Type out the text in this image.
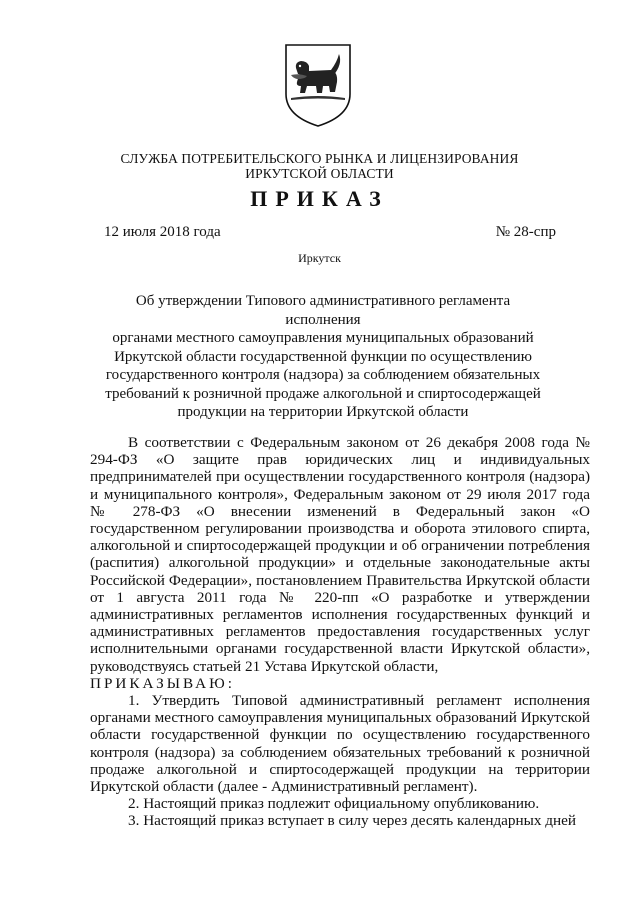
СЛУЖБА ПОТРЕБИТЕЛЬСКОГО РЫНКА И ЛИЦЕНЗИРОВАНИЯ
ИРКУТСКОЙ ОБЛАСТИ
ПРИКАЗ
12 июля 2018 года	№ 28-спр
Иркутск
Об утверждении Типового административного регламента исполнения
органами местного самоуправления муниципальных образований
Иркутской области государственной функции по осуществлению
государственного контроля (надзора) за соблюдением обязательных
требований к розничной продаже алкогольной и спиртосодержащей
продукции на территории Иркутской области

В соответствии с Федеральным законом от 26 декабря 2008 года № 294-ФЗ «О защите прав юридических лиц и индивидуальных предпринимателей при осуществлении государственного контроля (надзора) и муниципального контроля», Федеральным законом от 29 июля 2017 года № 278-ФЗ «О внесении изменений в Федеральный закон «О государственном регулировании производства и оборота этилового спирта, алкогольной и спиртосодержащей продукции и об ограничении потребления (распития) алкогольной продукции» и отдельные законодательные акты Российской Федерации», постановлением Правительства Иркутской области от 1 августа 2011 года № 220-пп «О разработке и утверждении административных регламентов исполнения государственных функций и административных регламентов предоставления государственных услуг исполнительными органами государственной власти Иркутской области», руководствуясь статьей 21 Устава Иркутской области,

ПРИКАЗЫВАЮ:

1. Утвердить Типовой административный регламент исполнения органами местного самоуправления муниципальных образований Иркутской области государственной функции по осуществлению государственного контроля (надзора) за соблюдением обязательных требований к розничной продаже алкогольной и спиртосодержащей продукции на территории Иркутской области (далее - Административный регламент).

2. Настоящий приказ подлежит официальному опубликованию.

3. Настоящий приказ вступает в силу через десять календарных дней
